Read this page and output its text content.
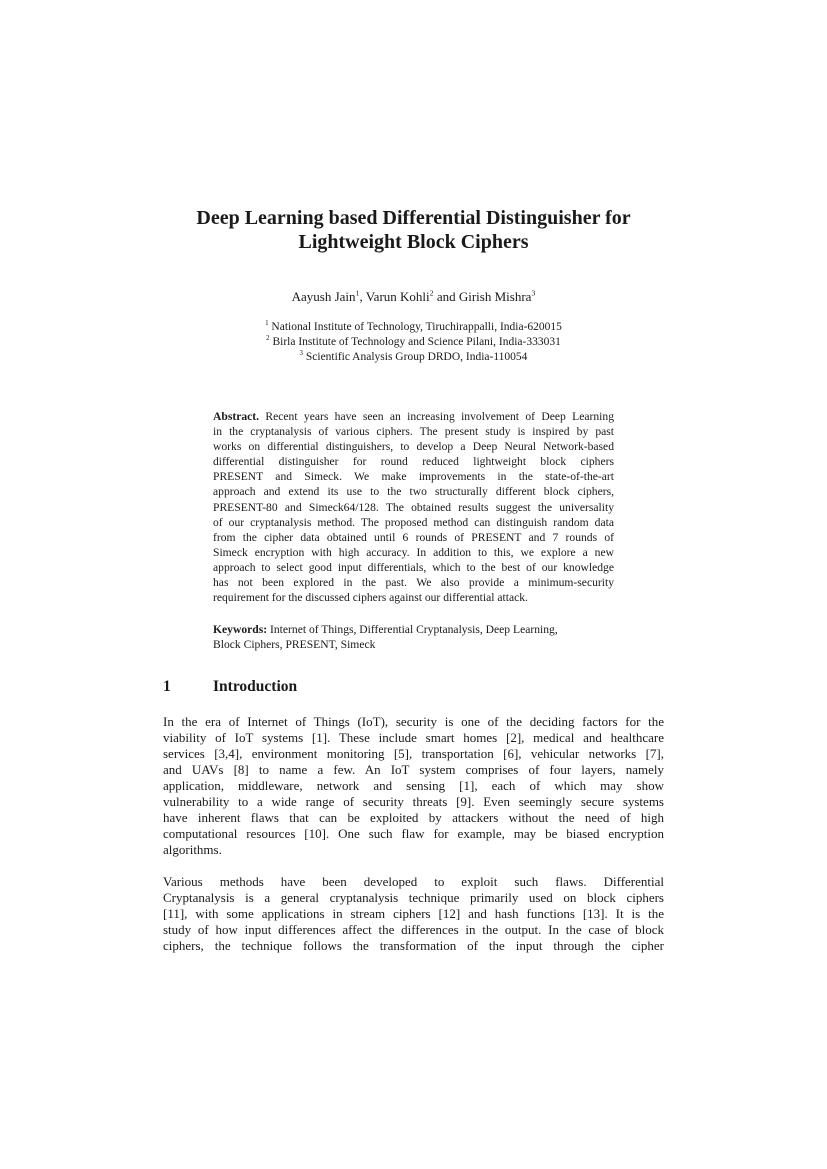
Deep Learning based Differential Distinguisher for
Lightweight Block Ciphers
Aayush Jain$^1$, Varun Kohli$^2$ and Girish Mishra$^3$
$^1$ National Institute of Technology, Tiruchirappalli, India-620015
$^2$ Birla Institute of Technology and Science Pilani, India-333031
$^3$ Scientific Analysis Group DRDO, India-110054
Abstract. Recent years have seen an increasing involvement of Deep Learning
in the cryptanalysis of various ciphers. The present study is inspired by past
works on differential distinguishers, to develop a Deep Neural Network-based
differential distinguisher for round reduced lightweight block ciphers
PRESENT and Simeck. We make improvements in the state-of-the-art
approach and extend its use to the two structurally different block ciphers,
PRESENT-80 and Simeck64/128. The obtained results suggest the universality
of our cryptanalysis method. The proposed method can distinguish random data
from the cipher data obtained until 6 rounds of PRESENT and 7 rounds of
Simeck encryption with high accuracy. In addition to this, we explore a new
approach to select good input differentials, which to the best of our knowledge
has not been explored in the past. We also provide a minimum-security
requirement for the discussed ciphers against our differential attack.
Keywords: Internet of Things, Differential Cryptanalysis, Deep Learning,
Block Ciphers, PRESENT, Simeck
1	Introduction
In the era of Internet of Things (IoT), security is one of the deciding factors for the
viability of IoT systems [1]. These include smart homes [2], medical and healthcare
services [3,4], environment monitoring [5], transportation [6], vehicular networks [7],
and UAVs [8] to name a few. An IoT system comprises of four layers, namely
application, middleware, network and sensing [1], each of which may show
vulnerability to a wide range of security threats [9]. Even seemingly secure systems
have inherent flaws that can be exploited by attackers without the need of high
computational resources [10]. One such flaw for example, may be biased encryption
algorithms.
Various methods have been developed to exploit such flaws. Differential
Cryptanalysis is a general cryptanalysis technique primarily used on block ciphers
[11], with some applications in stream ciphers [12] and hash functions [13]. It is the
study of how input differences affect the differences in the output. In the case of block
ciphers, the technique follows the transformation of the input through the cipher
